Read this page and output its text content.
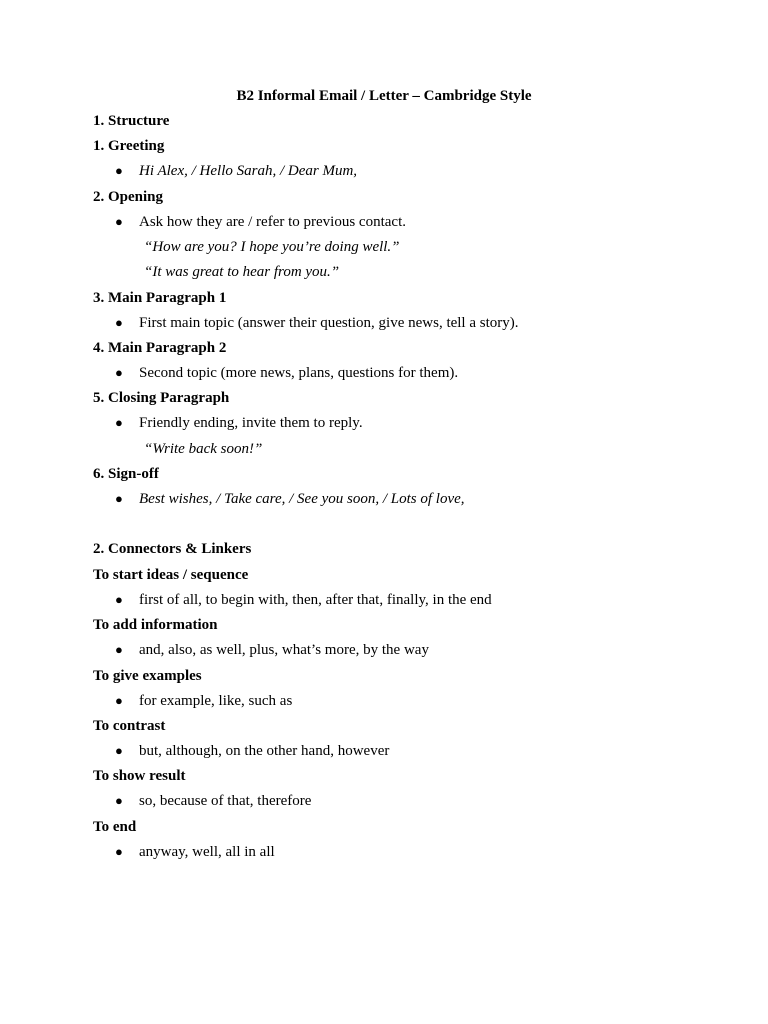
B2 Informal Email / Letter – Cambridge Style
1. Structure
1. Greeting
● Hi Alex, / Hello Sarah, / Dear Mum,
2. Opening
● Ask how they are / refer to previous contact.
“How are you? I hope you’re doing well.”
“It was great to hear from you.”
3. Main Paragraph 1
● First main topic (answer their question, give news, tell a story).
4. Main Paragraph 2
● Second topic (more news, plans, questions for them).
5. Closing Paragraph
● Friendly ending, invite them to reply.
“Write back soon!”
6. Sign-off
● Best wishes, / Take care, / See you soon, / Lots of love,
2. Connectors & Linkers
To start ideas / sequence
● first of all, to begin with, then, after that, finally, in the end
To add information
● and, also, as well, plus, what’s more, by the way
To give examples
● for example, like, such as
To contrast
● but, although, on the other hand, however
To show result
● so, because of that, therefore
To end
● anyway, well, all in all
